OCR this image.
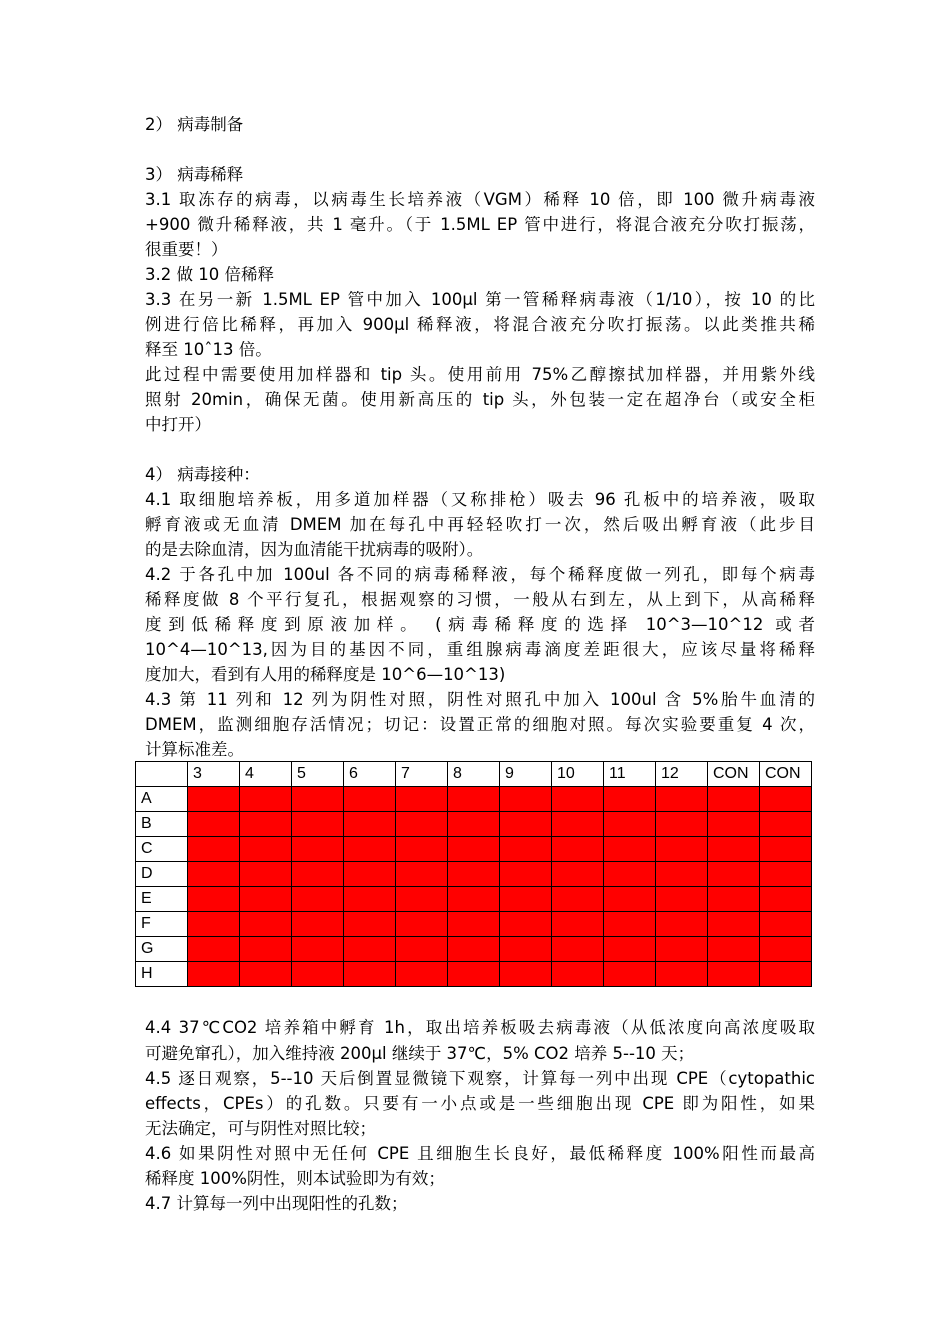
2） 病毒制备
3） 病毒稀释
3.1 取冻存的病毒，以病毒生长培养液（VGM）稀释 10 倍，即 100 微升病毒液
+900 微升稀释液，共 1 毫升。（于 1.5ML EP 管中进行，将混合液充分吹打振荡，
很重要！）
3.2 做 10 倍稀释
3.3 在另一新 1.5ML EP 管中加入 100μl 第一管稀释病毒液（1/10），按 10 的比
例进行倍比稀释，再加入 900μl 稀释液，将混合液充分吹打振荡。以此类推共稀
释至 10ˆ13 倍。
此过程中需要使用加样器和 tip 头。使用前用 75%乙醇擦拭加样器，并用紫外线
照射 20min，确保无菌。使用新高压的 tip 头，外包装一定在超净台（或安全柜
中打开）
4） 病毒接种：
4.1 取细胞培养板，用多道加样器（又称排枪）吸去 96 孔板中的培养液，吸取
孵育液或无血清 DMEM 加在每孔中再轻轻吹打一次，然后吸出孵育液（此步目
的是去除血清，因为血清能干扰病毒的吸附）。
4.2 于各孔中加 100ul 各不同的病毒稀释液，每个稀释度做一列孔，即每个病毒
稀释度做 8 个平行复孔，根据观察的习惯，一般从右到左，从上到下，从高稀释
度到低稀释度到原液加样。 (病毒稀释度的选择 10^3—10^12 或者
10^4—10^13,因为目的基因不同，重组腺病毒滴度差距很大，应该尽量将稀释
度加大，看到有人用的稀释度是 10^6—10^13)
4.3 第 11 列和 12 列为阴性对照，阴性对照孔中加入 100ul 含 5%胎牛血清的
DMEM，监测细胞存活情况；切记：设置正常的细胞对照。每次实验要重复 4 次，
计算标准差。
	3	4	5	6	7	8	9	10	11	12	CON	CON
A												
B												
C												
D												
E												
F												
G												
H												
4.4 37℃CO2 培养箱中孵育 1h，取出培养板吸去病毒液（从低浓度向高浓度吸取
可避免窜孔），加入维持液 200μl 继续于 37℃，5% CO2 培养 5--10 天；
4.5 逐日观察，5--10 天后倒置显微镜下观察，计算每一列中出现 CPE（cytopathic
effects，CPEs）的孔数。只要有一小点或是一些细胞出现 CPE 即为阳性，如果
无法确定，可与阴性对照比较；
4.6 如果阴性对照中无任何 CPE 且细胞生长良好，最低稀释度 100%阳性而最高
稀释度 100%阴性，则本试验即为有效；
4.7 计算每一列中出现阳性的孔数；
